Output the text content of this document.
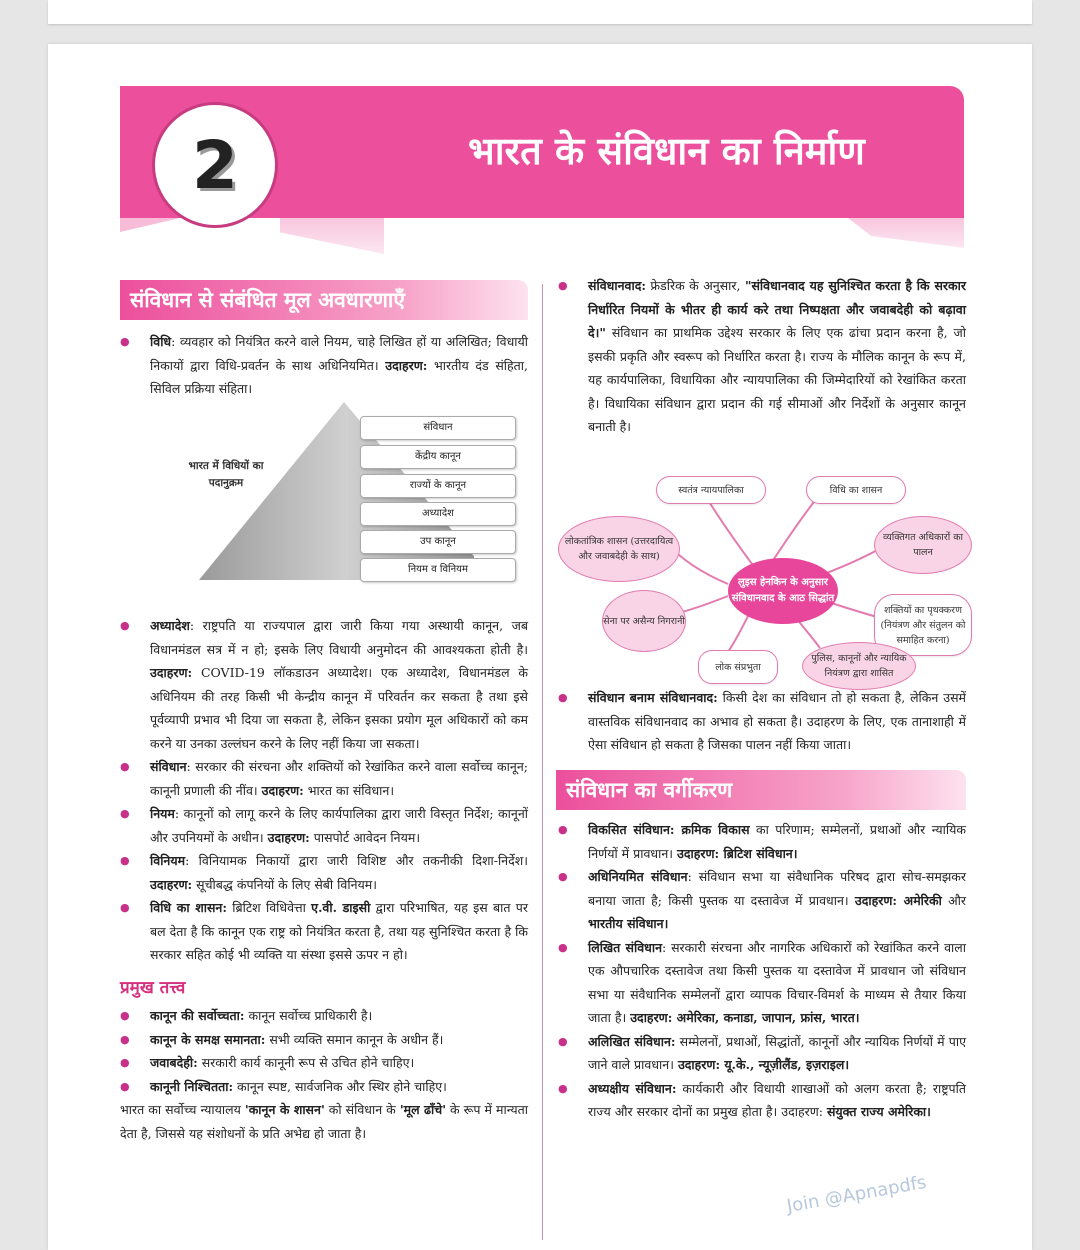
2	भारत के संविधान का निर्माण
संविधान से संबंधित मूल अवधारणाएँ

● विधि: व्यवहार को नियंत्रित करने वाले नियम, चाहे लिखित हों या अलिखित; विधायी निकायों द्वारा विधि-प्रवर्तन के साथ अधिनियमित। उदाहरण: भारतीय दंड संहिता, सिविल प्रक्रिया संहिता।

भारत में विधियों का पदानुक्रम
संविधान
केंद्रीय कानून
राज्यों के कानून
अध्यादेश
उप कानून
नियम व विनियम

● अध्यादेश: राष्ट्रपति या राज्यपाल द्वारा जारी किया गया अस्थायी कानून, जब विधानमंडल सत्र में न हो; इसके लिए विधायी अनुमोदन की आवश्यकता होती है। उदाहरण: COVID-19 लॉकडाउन अध्यादेश। एक अध्यादेश, विधानमंडल के अधिनियम की तरह किसी भी केन्द्रीय कानून में परिवर्तन कर सकता है तथा इसे पूर्वव्यापी प्रभाव भी दिया जा सकता है, लेकिन इसका प्रयोग मूल अधिकारों को कम करने या उनका उल्लंघन करने के लिए नहीं किया जा सकता।

● संविधान: सरकार की संरचना और शक्तियों को रेखांकित करने वाला सर्वोच्च कानून; कानूनी प्रणाली की नींव। उदाहरण: भारत का संविधान।

● नियम: कानूनों को लागू करने के लिए कार्यपालिका द्वारा जारी विस्तृत निर्देश; कानूनों और उपनियमों के अधीन। उदाहरण: पासपोर्ट आवेदन नियम।

● विनियम: विनियामक निकायों द्वारा जारी विशिष्ट और तकनीकी दिशा-निर्देश। उदाहरण: सूचीबद्ध कंपनियों के लिए सेबी विनियम।

● विधि का शासन: ब्रिटिश विधिवेत्ता ए.वी. डाइसी द्वारा परिभाषित, यह इस बात पर बल देता है कि कानून एक राष्ट्र को नियंत्रित करता है, तथा यह सुनिश्चित करता है कि सरकार सहित कोई भी व्यक्ति या संस्था इससे ऊपर न हो।

प्रमुख तत्त्व

● कानून की सर्वोच्चता: कानून सर्वोच्च प्राधिकारी है।

● कानून के समक्ष समानता: सभी व्यक्ति समान कानून के अधीन हैं।

● जवाबदेही: सरकारी कार्य कानूनी रूप से उचित होने चाहिए।

● कानूनी निश्चितता: कानून स्पष्ट, सार्वजनिक और स्थिर होने चाहिए।

भारत का सर्वोच्च न्यायालय 'कानून के शासन' को संविधान के 'मूल ढाँचे' के रूप में मान्यता देता है, जिससे यह संशोधनों के प्रति अभेद्य हो जाता है।

● संविधानवाद: फ्रेडरिक के अनुसार, "संविधानवाद यह सुनिश्चित करता है कि सरकार निर्धारित नियमों के भीतर ही कार्य करे तथा निष्पक्षता और जवाबदेही को बढ़ावा दे।" संविधान का प्राथमिक उद्देश्य सरकार के लिए एक ढांचा प्रदान करना है, जो इसकी प्रकृति और स्वरूप को निर्धारित करता है। राज्य के मौलिक कानून के रूप में, यह कार्यपालिका, विधायिका और न्यायपालिका की जिम्मेदारियों को रेखांकित करता है। विधायिका संविधान द्वारा प्रदान की गई सीमाओं और निर्देशों के अनुसार कानून बनाती है।

लुइस हेनकिन के अनुसार संविधानवाद के आठ सिद्धांत
स्वतंत्र न्यायपालिका	विधि का शासन
लोकतांत्रिक शासन (उत्तरदायित्व और जवाबदेही के साथ)
व्यक्तिगत अधिकारों का पालन
सेना पर असैन्य निगरानी
शक्तियों का पृथक्करण (नियंत्रण और संतुलन को समाहित करना)
लोक संप्रभुता
पुलिस, कानूनों और न्यायिक नियंत्रण द्वारा शासित

● संविधान बनाम संविधानवाद: किसी देश का संविधान तो हो सकता है, लेकिन उसमें वास्तविक संविधानवाद का अभाव हो सकता है। उदाहरण के लिए, एक तानाशाही में ऐसा संविधान हो सकता है जिसका पालन नहीं किया जाता।

संविधान का वर्गीकरण

● विकसित संविधान: क्रमिक विकास का परिणाम; सम्मेलनों, प्रथाओं और न्यायिक निर्णयों में प्रावधान। उदाहरण: ब्रिटिश संविधान।

● अधिनियमित संविधान: संविधान सभा या संवैधानिक परिषद द्वारा सोच-समझकर बनाया जाता है; किसी पुस्तक या दस्तावेज में प्रावधान। उदाहरण: अमेरिकी और भारतीय संविधान।

● लिखित संविधान: सरकारी संरचना और नागरिक अधिकारों को रेखांकित करने वाला एक औपचारिक दस्तावेज तथा किसी पुस्तक या दस्तावेज में प्रावधान जो संविधान सभा या संवैधानिक सम्मेलनों द्वारा व्यापक विचार-विमर्श के माध्यम से तैयार किया जाता है। उदाहरण: अमेरिका, कनाडा, जापान, फ्रांस, भारत।

● अलिखित संविधान: सम्मेलनों, प्रथाओं, सिद्धांतों, कानूनों और न्यायिक निर्णयों में पाए जाने वाले प्रावधान। उदाहरण: यू.के., न्यूज़ीलैंड, इज़राइल।

● अध्यक्षीय संविधान: कार्यकारी और विधायी शाखाओं को अलग करता है; राष्ट्रपति राज्य और सरकार दोनों का प्रमुख होता है। उदाहरण: संयुक्त राज्य अमेरिका।

Join @Apnapdfs
